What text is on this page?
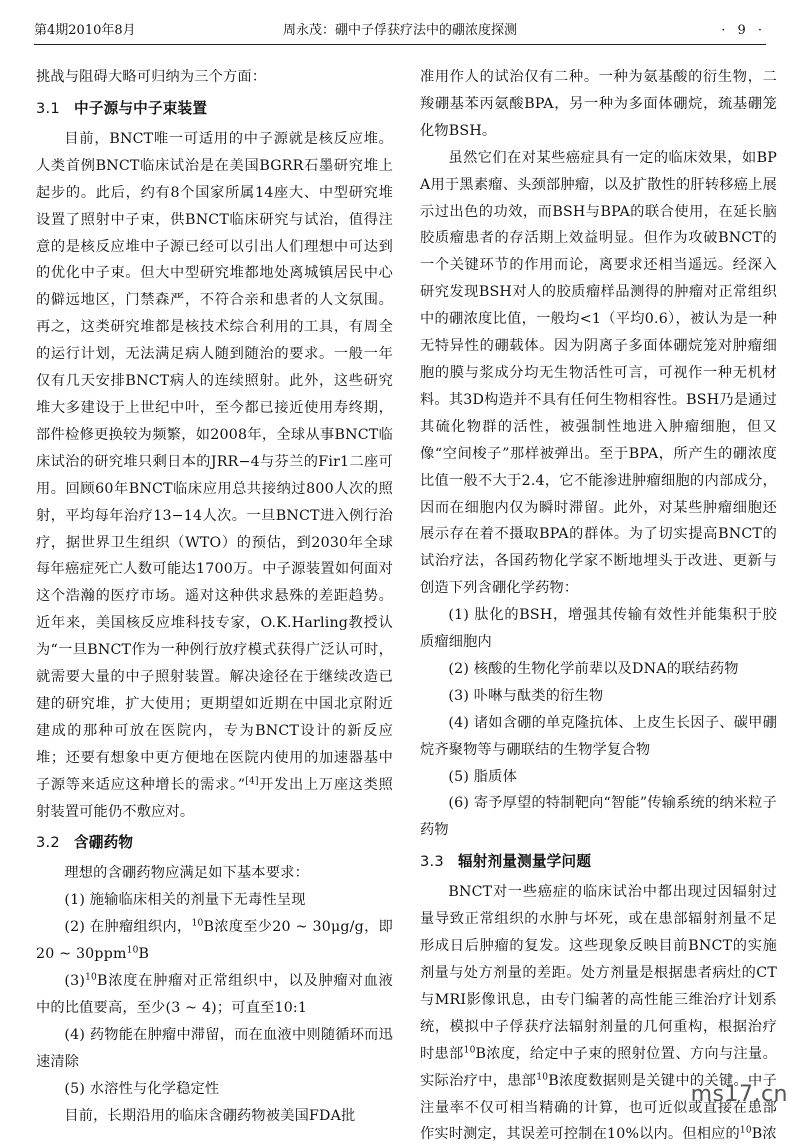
第4期2010年8月	周永茂：硼中子俘获疗法中的硼浓度探测	· 9 ·

挑战与阻碍大略可归纳为三个方面：

3.1 中子源与中子束装置

目前，BNCT唯一可适用的中子源就是核反应堆。人类首例BNCT临床试治是在美国BGRR石墨研究堆上起步的。此后，约有8个国家所属14座大、中型研究堆设置了照射中子束，供BNCT临床研究与试治，值得注意的是核反应堆中子源已经可以引出人们理想中可达到的优化中子束。但大中型研究堆都地处离城镇居民中心的僻远地区，门禁森严，不符合亲和患者的人文氛围。再之，这类研究堆都是核技术综合利用的工具，有周全的运行计划，无法满足病人随到随治的要求。一般一年仅有几天安排BNCT病人的连续照射。此外，这些研究堆大多建设于上世纪中叶，至今都已接近使用寿终期，部件检修更换较为频繁，如2008年，全球从事BNCT临床试治的研究堆只剩日本的JRR−4与芬兰的Fir1二座可用。回顾60年BNCT临床应用总共接纳过800人次的照射，平均每年治疗13−14人次。一旦BNCT进入例行治疗，据世界卫生组织（WTO）的预估，到2030年全球每年癌症死亡人数可能达1700万。中子源装置如何面对这个浩瀚的医疗市场。遥对这种供求悬殊的差距趋势。近年来，美国核反应堆科技专家，O.K.Harling教授认为“一旦BNCT作为一种例行放疗模式获得广泛认可时，就需要大量的中子照射装置。解决途径在于继续改造已建的研究堆，扩大使用；更期望如近期在中国北京附近建成的那种可放在医院内，专为BNCT设计的新反应堆；还要有想象中更方便地在医院内使用的加速器基中子源等来适应这种增长的需求。”[4]开发出上万座这类照射装置可能仍不敷应对。

3.2 含硼药物

理想的含硼药物应满足如下基本要求：

(1) 施输临床相关的剂量下无毒性呈现

(2) 在肿瘤组织内，$^{10}$B浓度至少20 ~ 30μg/g，即20 ~ 30ppm$^{10}$B

$(3)^{10}B$浓度在肿瘤对正常组织中，以及肿瘤对血液中的比值要高，至少(3 ~ 4)；可直至10:1

(4) 药物能在肿瘤中滞留，而在血液中则随循环而迅速清除

(5) 水溶性与化学稳定性

目前，长期沿用的临床含硼药物被美国FDA批

准用作人的试治仅有二种。一种为氨基酸的衍生物，二羧硼基苯丙氨酸BPA，另一种为多面体硼烷，巯基硼笼化物BSH。

虽然它们在对某些癌症具有一定的临床效果，如BPA用于黑素瘤、头颈部肿瘤，以及扩散性的肝转移癌上展示过出色的功效，而BSH与BPA的联合使用，在延长脑胶质瘤患者的存活期上效益明显。但作为攻破BNCT的一个关键环节的作用而论，离要求还相当遥远。经深入研究发现BSH对人的胶质瘤样品测得的肿瘤对正常组织中的硼浓度比值，一般均<1（平均0.6），被认为是一种无特异性的硼载体。因为阴离子多面体硼烷笼对肿瘤细胞的膜与浆成分均无生物活性可言，可视作一种无机材料。其3D构造并不具有任何生物相容性。BSH乃是通过其硫化物群的活性，被强制性地进入肿瘤细胞，但又像“空间梭子”那样被弹出。至于BPA，所产生的硼浓度比值一般不大于2.4，它不能渗进肿瘤细胞的内部成分，因而在细胞内仅为瞬时滞留。此外，对某些肿瘤细胞还展示存在着不摄取BPA的群体。为了切实提高BNCT的试治疗法，各国药物化学家不断地埋头于改进、更新与创造下列含硼化学药物：

(1) 肽化的BSH，增强其传输有效性并能集积于胶质瘤细胞内

(2) 核酸的生物化学前辈以及DNA的联结药物

(3) 卟啉与酞类的衍生物

(4) 诸如含硼的单克隆抗体、上皮生长因子、碳甲硼烷齐聚物等与硼联结的生物学复合物

(5) 脂质体

(6) 寄予厚望的特制靶向“智能”传输系统的纳米粒子药物

3.3 辐射剂量测量学问题

BNCT对一些癌症的临床试治中都出现过因辐射过量导致正常组织的水肿与坏死，或在患部辐射剂量不足形成日后肿瘤的复发。这些现象反映目前BNCT的实施剂量与处方剂量的差距。处方剂量是根据患者病灶的CT与MRI影像讯息，由专门编著的高性能三维治疗计划系统，模拟中子俘获疗法辐射剂量的几何重构，根据治疗时患部$^{10}$B浓度，给定中子束的照射位置、方向与注量。实际治疗中，患部$^{10}$B浓度数据则是关键中的关键。中子注量率不仅可相当精确的计算，也可近似或直接在患部作实时测定，其误差可控制在10%以内。但相应的$^{10}$B浓

ms17.cn
